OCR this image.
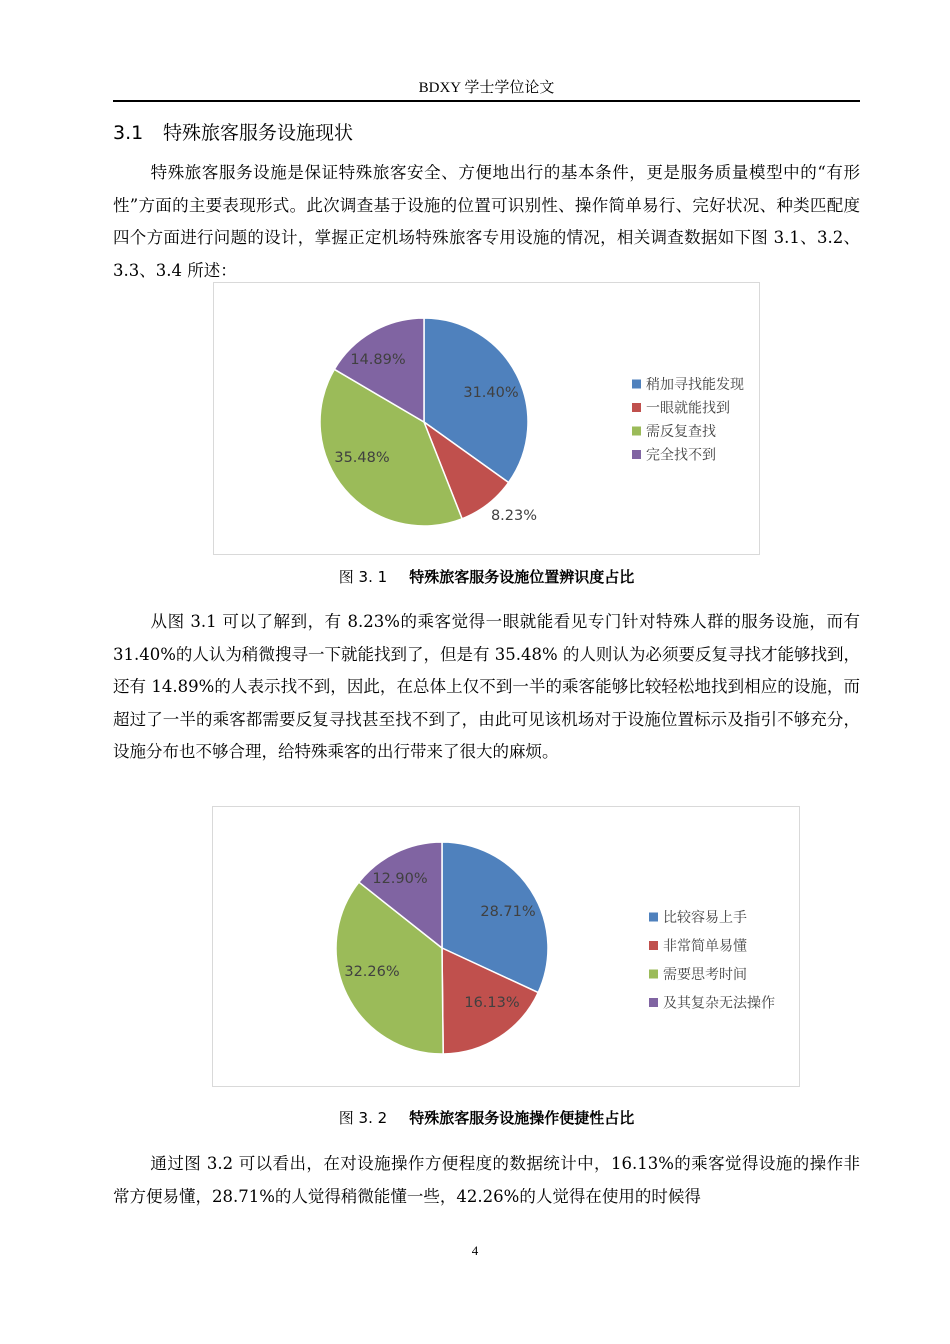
BDXY 学士学位论文
3.1 特殊旅客服务设施现状

特殊旅客服务设施是保证特殊旅客安全、方便地出行的基本条件，更是服务质量模型中的“有形性”方面的主要表现形式。此次调查基于设施的位置可识别性、操作简单易行、完好状况、种类匹配度四个方面进行问题的设计，掌握正定机场特殊旅客专用设施的情况，相关调查数据如下图 3.1、3.2、3.3、3.4 所述：

31.40%
8.23%
35.48%
14.89%
稍加寻找能发现
一眼就能找到
需反复查找
完全找不到
图 3. 1 特殊旅客服务设施位置辨识度占比

从图 3.1 可以了解到，有 8.23%的乘客觉得一眼就能看见专门针对特殊人群的服务设施，而有 31.40%的人认为稍微搜寻一下就能找到了，但是有 35.48% 的人则认为必须要反复寻找才能够找到，还有 14.89%的人表示找不到，因此，在总体上仅不到一半的乘客能够比较轻松地找到相应的设施，而超过了一半的乘客都需要反复寻找甚至找不到了，由此可见该机场对于设施位置标示及指引不够充分，设施分布也不够合理，给特殊乘客的出行带来了很大的麻烦。

28.71%
16.13%
32.26%
12.90%
比较容易上手
非常简单易懂
需要思考时间
及其复杂无法操作
图 3. 2 特殊旅客服务设施操作便捷性占比

通过图 3.2 可以看出，在对设施操作方便程度的数据统计中，16.13%的乘客觉得设施的操作非常方便易懂，28.71%的人觉得稍微能懂一些，42.26%的人觉得在使用的时候得

4
